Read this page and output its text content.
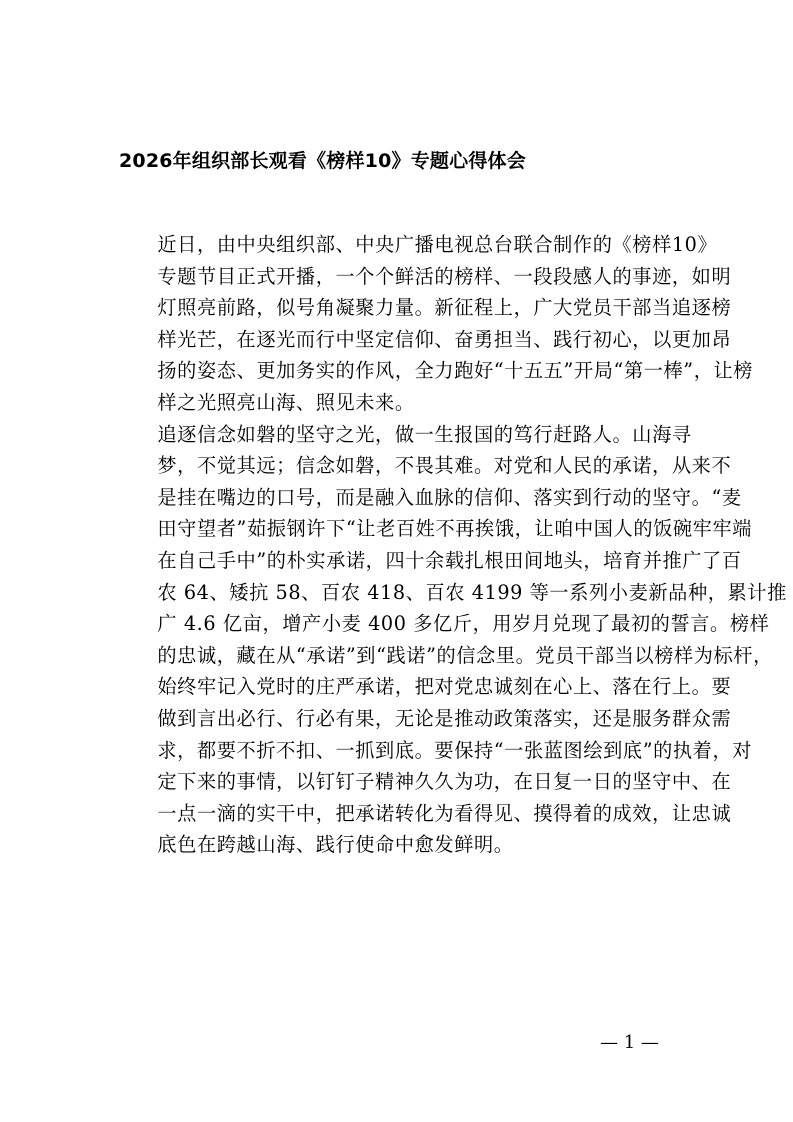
2026年组织部长观看《榜样10》专题心得体会

近日，由中央组织部、中央广播电视总台联合制作的《榜样10》
专题节目正式开播，一个个鲜活的榜样、一段段感人的事迹，如明
灯照亮前路，似号角凝聚力量。新征程上，广大党员干部当追逐榜
样光芒，在逐光而行中坚定信仰、奋勇担当、践行初心，以更加昂
扬的姿态、更加务实的作风，全力跑好“十五五”开局“第一棒”，让榜
样之光照亮山海、照见未来。

追逐信念如磐的坚守之光，做一生报国的笃行赶路人。山海寻
梦，不觉其远；信念如磐，不畏其难。对党和人民的承诺，从来不
是挂在嘴边的口号，而是融入血脉的信仰、落实到行动的坚守。“麦
田守望者”茹振钢许下“让老百姓不再挨饿，让咱中国人的饭碗牢牢端
在自己手中”的朴实承诺，四十余载扎根田间地头，培育并推广了百
农 64、矮抗 58、百农 418、百农 4199 等一系列小麦新品种，累计推
广 4.6 亿亩，增产小麦 400 多亿斤，用岁月兑现了最初的誓言。榜样
的忠诚，藏在从“承诺”到“践诺”的信念里。党员干部当以榜样为标杆，
始终牢记入党时的庄严承诺，把对党忠诚刻在心上、落在行上。要
做到言出必行、行必有果，无论是推动政策落实，还是服务群众需
求，都要不折不扣、一抓到底。要保持“一张蓝图绘到底”的执着，对
定下来的事情，以钉钉子精神久久为功，在日复一日的坚守中、在
一点一滴的实干中，把承诺转化为看得见、摸得着的成效，让忠诚
底色在跨越山海、践行使命中愈发鲜明。

— 1 —
